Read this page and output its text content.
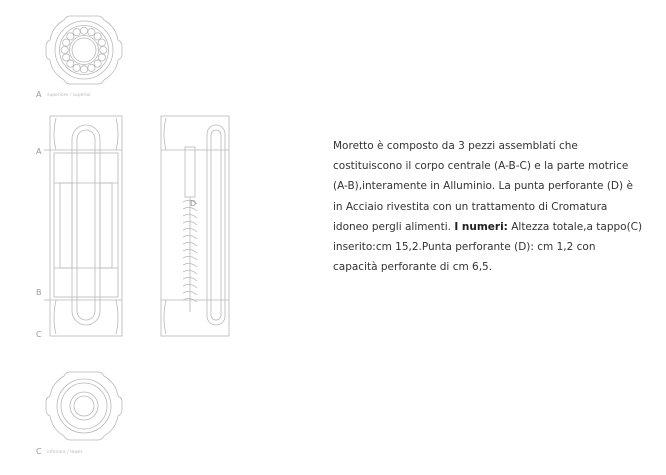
A superiore / superior
A
B
C
D
C inferiore / lower
Moretto è composto da 3 pezzi assemblati che costituiscono il corpo centrale (A-B-C) e la parte motrice (A-B),interamente in Alluminio. La punta perforante (D) è in Acciaio rivestita con un trattamento di Cromatura idoneo pergli alimenti. I numeri: Altezza totale,a tappo(C) inserito:cm 15,2.Punta perforante (D): cm 1,2 con capacità perforante di cm 6,5.
